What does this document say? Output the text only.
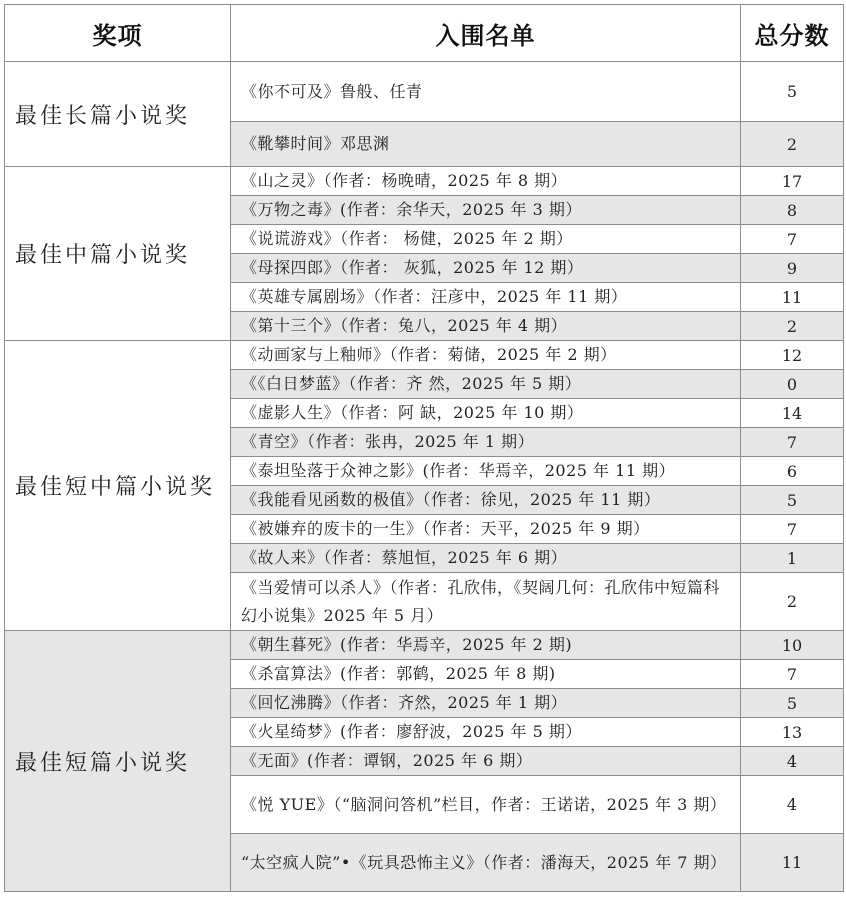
奖项	入围名单	总分数
最佳长篇小说奖	《你不可及》鲁般、任青	5
	《靴攀时间》邓思渊	2
最佳中篇小说奖	《山之灵》（作者：杨晚晴，2025 年 8 期）	17
	《万物之毒》(作者：余华天，2025 年 3 期）	8
	《说谎游戏》（作者： 杨健，2025 年 2 期）	7
	《母探四郎》（作者： 灰狐，2025 年 12 期）	9
	《英雄专属剧场》（作者：汪彦中，2025 年 11 期）	11
	《第十三个》（作者：兔八，2025 年 4 期）	2
最佳短中篇小说奖	《动画家与上釉师》（作者：菊储，2025 年 2 期）	12
	《《白日梦蓝》（作者：齐 然，2025 年 5 期）	0
	《虚影人生》（作者：阿 缺，2025 年 10 期）	14
	《青空》（作者：张冉，2025 年 1 期）	7
	《泰坦坠落于众神之影》(作者：华焉辛，2025 年 11 期）	6
	《我能看见函数的极值》（作者：徐见，2025 年 11 期）	5
	《被嫌弃的废卡的一生》（作者：天平，2025 年 9 期）	7
	《故人来》（作者：蔡旭恒，2025 年 6 期）	1
	《当爱情可以杀人》（作者：孔欣伟，《契阔几何：孔欣伟中短篇科幻小说集》2025 年 5 月）	2
最佳短篇小说奖	《朝生暮死》(作者：华焉辛，2025 年 2 期)	10
	《杀富算法》(作者：郭鹤，2025 年 8 期)	7
	《回忆沸腾》（作者：齐然，2025 年 1 期）	5
	《火星绮梦》(作者：廖舒波，2025 年 5 期）	13
	《无面》(作者：谭钢，2025 年 6 期）	4
	《悦 YUE》（“脑洞问答机”栏目，作者：王诺诺，2025 年 3 期）	4
	“太空疯人院”•《玩具恐怖主义》（作者：潘海天，2025 年 7 期）	11
